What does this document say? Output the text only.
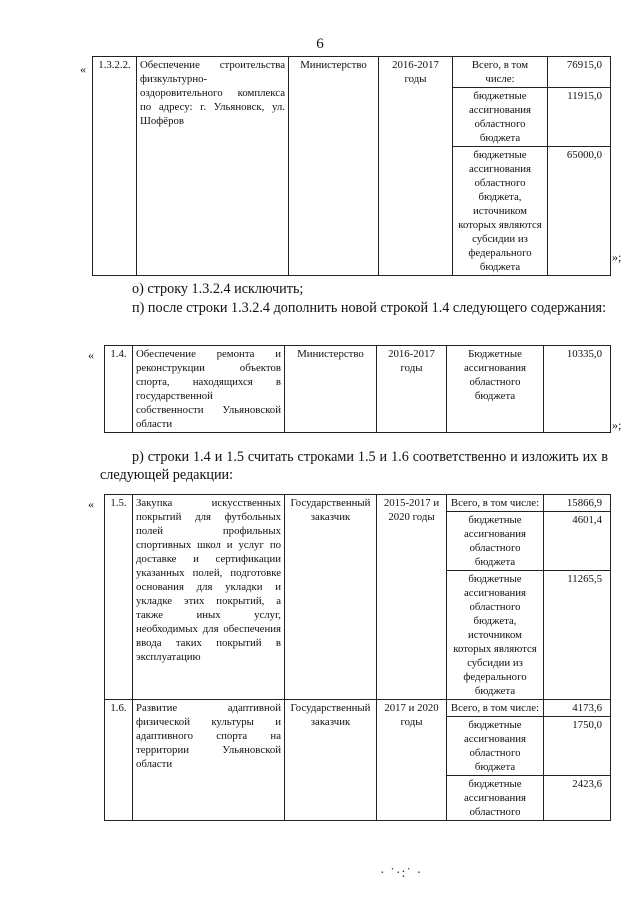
6
« 1.3.2.2.	Обеспечение строительства физкультурно-оздоровительного комплекса по адресу: г. Ульяновск, ул. Шофёров	Министерство	2016-2017 годы	Всего, в том числе:	76915,0
				бюджетные ассигнования областного бюджета	11915,0
				бюджетные ассигнования областного бюджета, источником которых являются субсидии из федерального бюджета	65000,0
»;
о) строку 1.3.2.4 исключить;
п) после строки 1.3.2.4 дополнить новой строкой 1.4 следующего содержания:
« 1.4.	Обеспечение ремонта и реконструкции объектов спорта, находящихся в государственной собственности Ульяновской области	Министерство	2016-2017 годы	Бюджетные ассигнования областного бюджета	10335,0
»;
р) строки 1.4 и 1.5 считать строками 1.5 и 1.6 соответственно и изложить их в следующей редакции:
« 1.5.	Закупка искусственных покрытий для футбольных полей профильных спортивных школ и услуг по доставке и сертификации указанных полей, подготовке основания для укладки и укладке этих покрытий, а также иных услуг, необходимых для обеспечения ввода таких покрытий в эксплуатацию	Государственный заказчик	2015-2017 и 2020 годы	Всего, в том числе:	15866,9
				бюджетные ассигнования областного бюджета	4601,4
				бюджетные ассигнования областного бюджета, источником которых являются субсидии из федерального бюджета	11265,5
1.6.	Развитие адаптивной физической культуры и адаптивного спорта на территории Ульяновской области	Государственный заказчик	2017 и 2020 годы	Всего, в том числе:	4173,6
				бюджетные ассигнования областного бюджета	1750,0
				бюджетные ассигнования областного	2423,6
· ˙·:˙ ·
